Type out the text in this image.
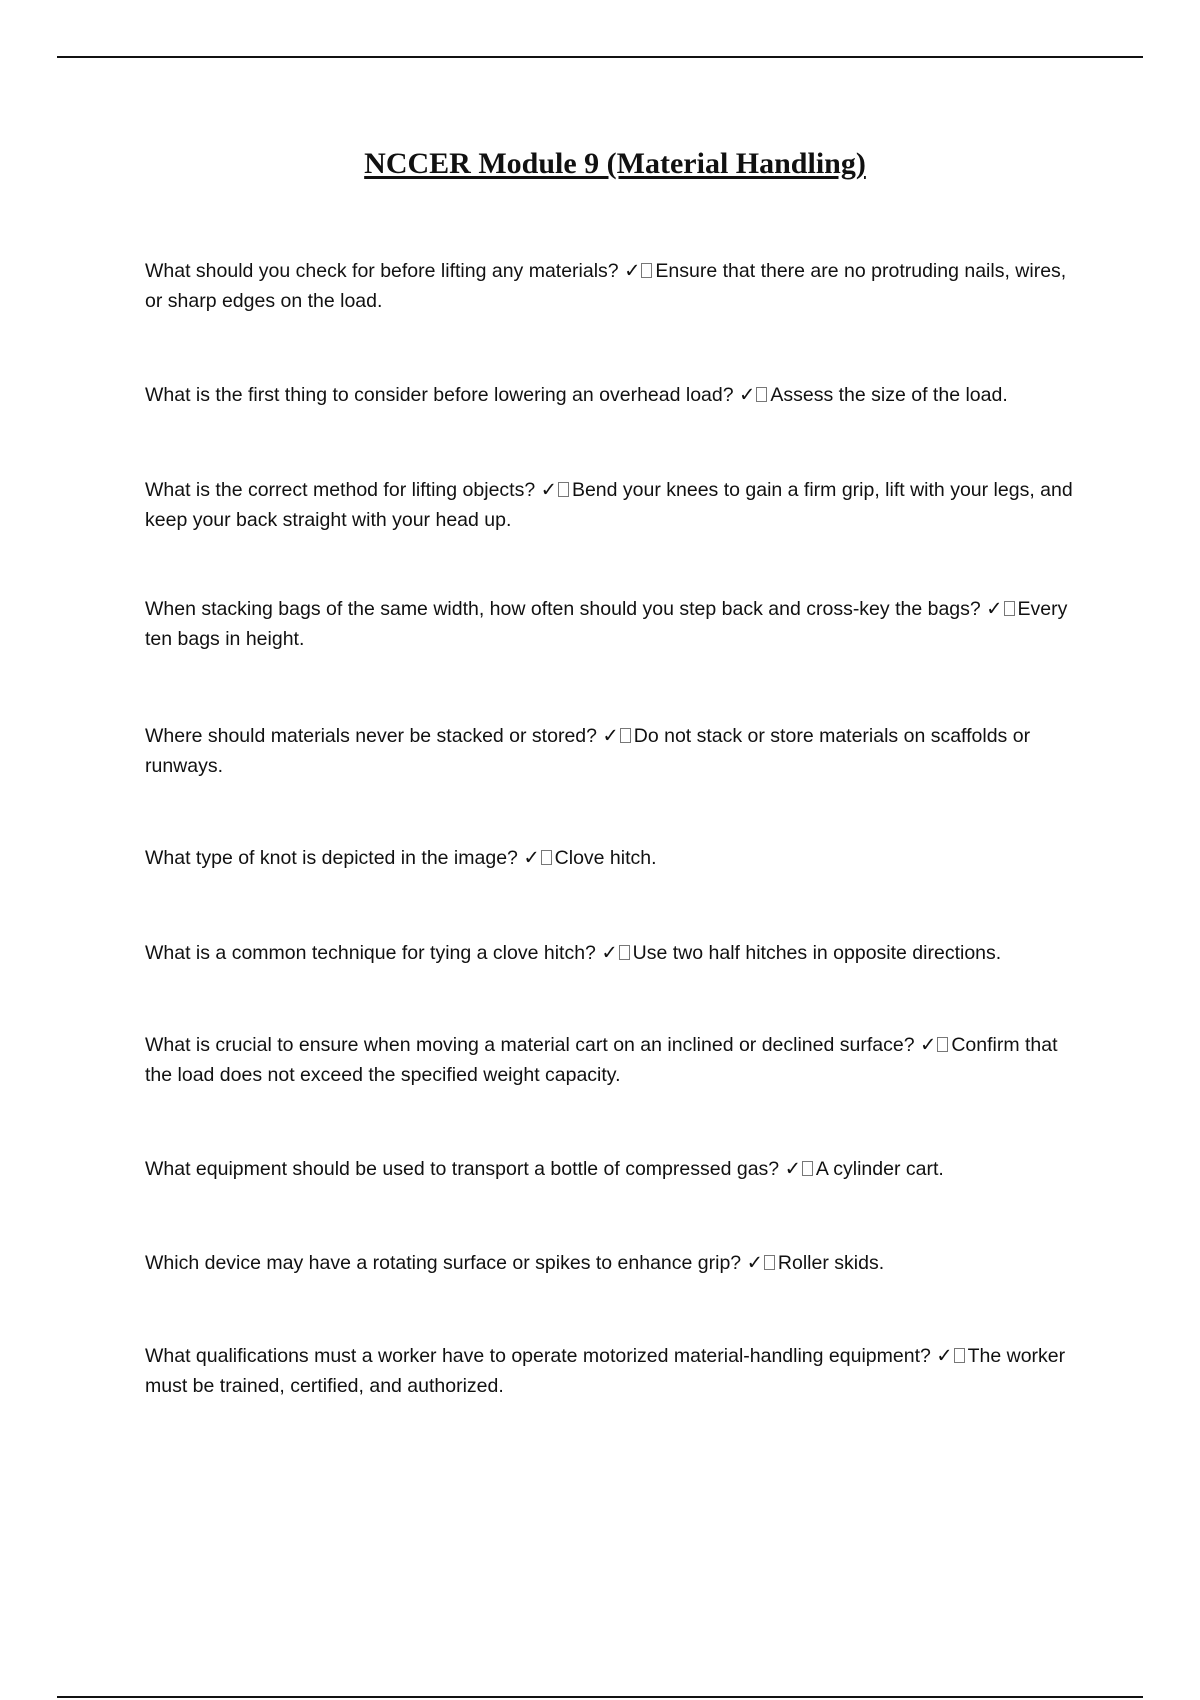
NCCER Module 9 (Material Handling)

What should you check for before lifting any materials? ✓ Ensure that there are no protruding nails, wires, or sharp edges on the load.

What is the first thing to consider before lowering an overhead load? ✓ Assess the size of the load.

What is the correct method for lifting objects? ✓ Bend your knees to gain a firm grip, lift with your legs, and keep your back straight with your head up.

When stacking bags of the same width, how often should you step back and cross-key the bags? ✓ Every ten bags in height.

Where should materials never be stacked or stored? ✓ Do not stack or store materials on scaffolds or runways.

What type of knot is depicted in the image? ✓ Clove hitch.

What is a common technique for tying a clove hitch? ✓ Use two half hitches in opposite directions.

What is crucial to ensure when moving a material cart on an inclined or declined surface? ✓ Confirm that the load does not exceed the specified weight capacity.

What equipment should be used to transport a bottle of compressed gas? ✓ A cylinder cart.

Which device may have a rotating surface or spikes to enhance grip? ✓ Roller skids.

What qualifications must a worker have to operate motorized material-handling equipment? ✓ The worker must be trained, certified, and authorized.
